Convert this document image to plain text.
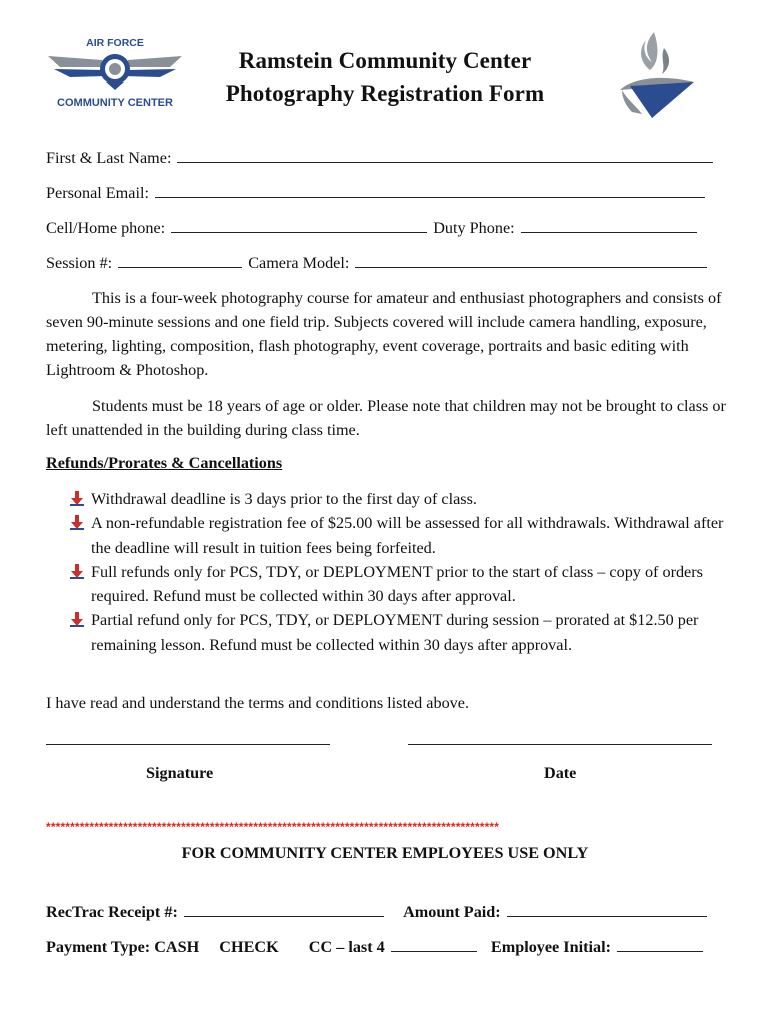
AIR FORCE
COMMUNITY CENTER
Ramstein Community Center
Photography Registration Form
First & Last Name:
Personal Email:
Cell/Home phone:	Duty Phone:
Session #:	Camera Model:
This is a four-week photography course for amateur and enthusiast photographers and consists of seven 90-minute sessions and one field trip. Subjects covered will include camera handling, exposure, metering, lighting, composition, flash photography, event coverage, portraits and basic editing with Lightroom & Photoshop.
Students must be 18 years of age or older. Please note that children may not be brought to class or left unattended in the building during class time.
Refunds/Prorates & Cancellations
Withdrawal deadline is 3 days prior to the first day of class.
A non-refundable registration fee of $25.00 will be assessed for all withdrawals. Withdrawal after the deadline will result in tuition fees being forfeited.
Full refunds only for PCS, TDY, or DEPLOYMENT prior to the start of class – copy of orders required. Refund must be collected within 30 days after approval.
Partial refund only for PCS, TDY, or DEPLOYMENT during session – prorated at $12.50 per remaining lesson. Refund must be collected within 30 days after approval.
I have read and understand the terms and conditions listed above.
Signature	Date
**********************************************************************************************
FOR COMMUNITY CENTER EMPLOYEES USE ONLY
RecTrac Receipt #:	Amount Paid:
Payment Type: CASH CHECK CC – last 4	Employee Initial:
